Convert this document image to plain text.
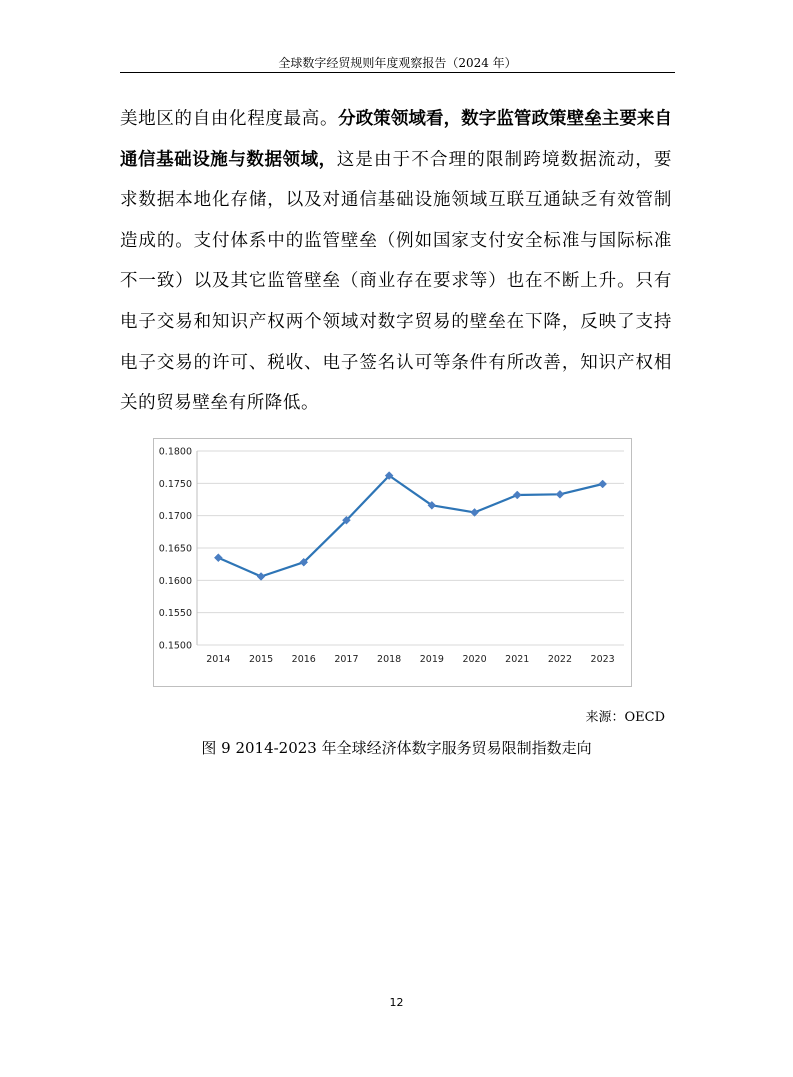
全球数字经贸规则年度观察报告（2024 年）
美地区的自由化程度最高。分政策领域看，数字监管政策壁垒主要来自通信基础设施与数据领域，这是由于不合理的限制跨境数据流动，要求数据本地化存储，以及对通信基础设施领域互联互通缺乏有效管制造成的。支付体系中的监管壁垒（例如国家支付安全标准与国际标准不一致）以及其它监管壁垒（商业存在要求等）也在不断上升。只有电子交易和知识产权两个领域对数字贸易的壁垒在下降，反映了支持电子交易的许可、税收、电子签名认可等条件有所改善，知识产权相关的贸易壁垒有所降低。
0.1500
0.1550
0.1600
0.1650
0.1700
0.1750
0.1800
2014 2015 2016 2017 2018 2019 2020 2021 2022 2023
来源：OECD
图 9 2014-2023 年全球经济体数字服务贸易限制指数走向
12
